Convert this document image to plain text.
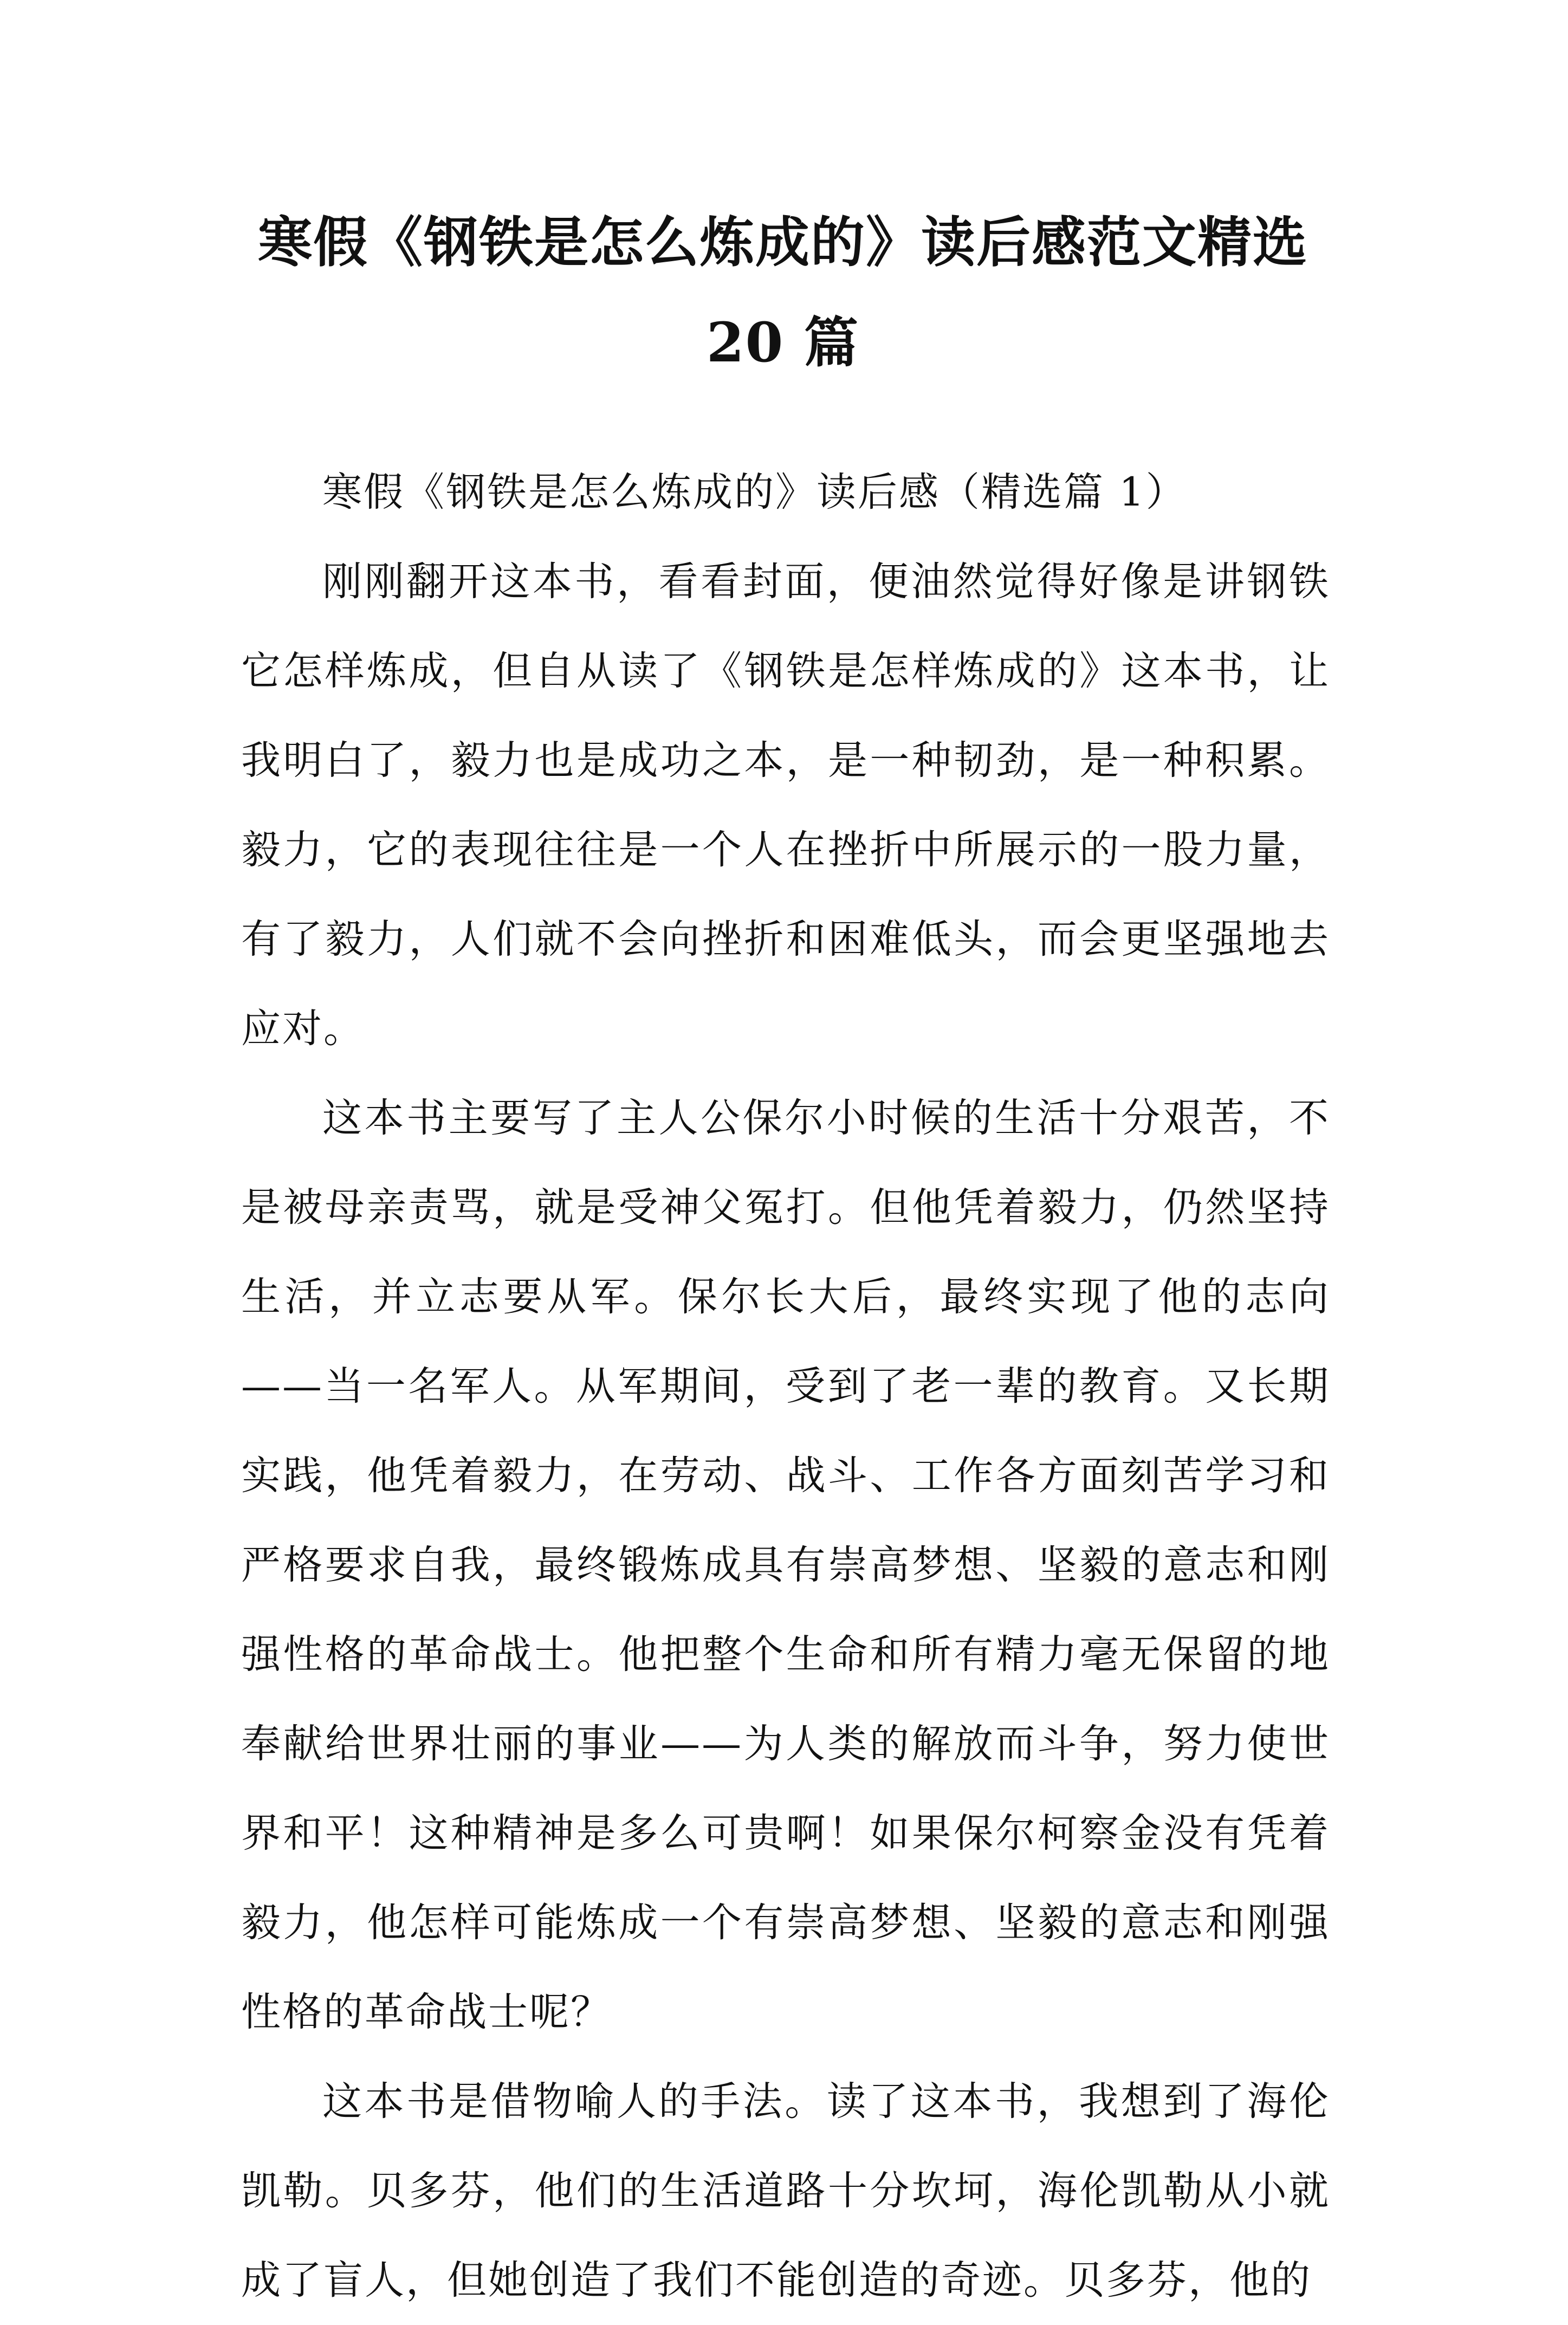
寒假《钢铁是怎么炼成的》读后感范文精选
20 篇
寒假《钢铁是怎么炼成的》读后感（精选篇 1）

刚刚翻开这本书，看看封面，便油然觉得好像是讲钢铁它怎样炼成，但自从读了《钢铁是怎样炼成的》这本书，让我明白了，毅力也是成功之本，是一种韧劲，是一种积累。毅力，它的表现往往是一个人在挫折中所展示的一股力量，有了毅力，人们就不会向挫折和困难低头，而会更坚强地去应对。

这本书主要写了主人公保尔小时候的生活十分艰苦，不是被母亲责骂，就是受神父冤打。但他凭着毅力，仍然坚持生活，并立志要从军。保尔长大后，最终实现了他的志向——当一名军人。从军期间，受到了老一辈的教育。又长期实践，他凭着毅力，在劳动、战斗、工作各方面刻苦学习和严格要求自我，最终锻炼成具有崇高梦想、坚毅的意志和刚强性格的革命战士。他把整个生命和所有精力毫无保留的地奉献给世界壮丽的事业——为人类的解放而斗争，努力使世界和平！这种精神是多么可贵啊！如果保尔柯察金没有凭着毅力，他怎样可能炼成一个有崇高梦想、坚毅的意志和刚强性格的革命战士呢？

这本书是借物喻人的手法。读了这本书，我想到了海伦凯勒。贝多芬，他们的生活道路十分坎坷，海伦凯勒从小就成了盲人，但她创造了我们不能创造的奇迹。贝多芬，他的
